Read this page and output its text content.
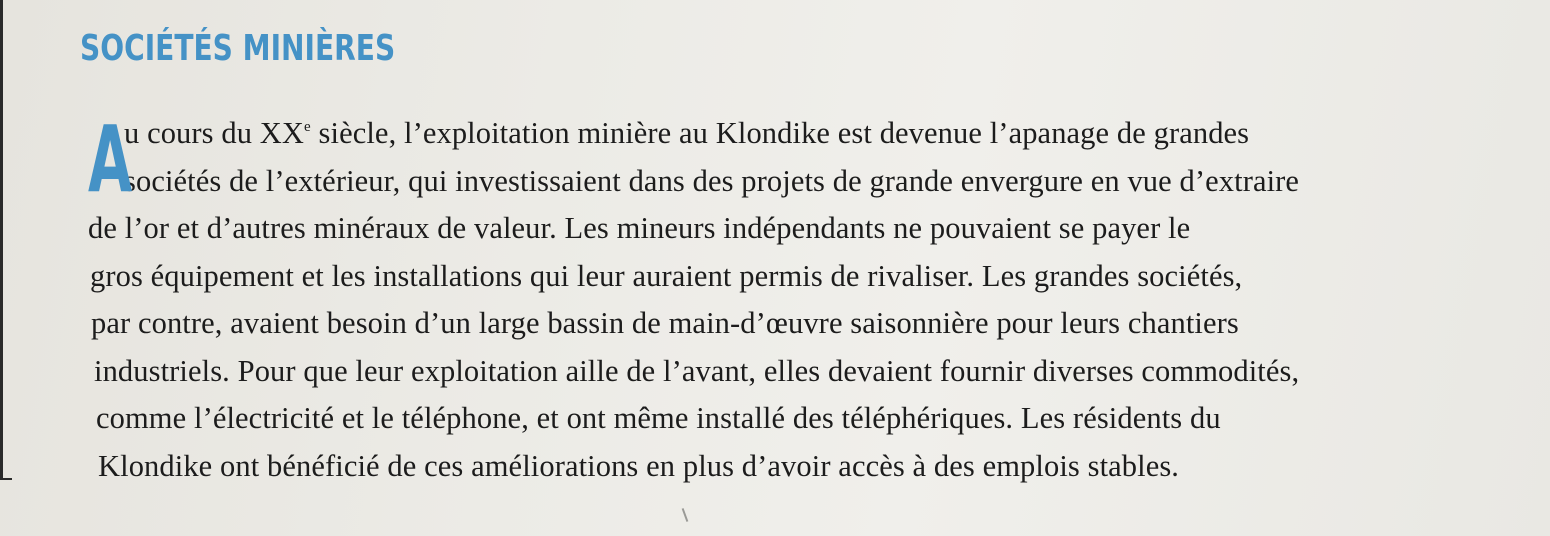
SOCIÉTÉS MINIÈRES
A
u cours du XXe siècle, l’exploitation minière au Klondike est devenue l’apanage de grandes
sociétés de l’extérieur, qui investissaient dans des projets de grande envergure en vue d’extraire
de l’or et d’autres minéraux de valeur. Les mineurs indépendants ne pouvaient se payer le
gros équipement et les installations qui leur auraient permis de rivaliser. Les grandes sociétés,
par contre, avaient besoin d’un large bassin de main-d’œuvre saisonnière pour leurs chantiers
industriels. Pour que leur exploitation aille de l’avant, elles devaient fournir diverses commodités,
comme l’électricité et le téléphone, et ont même installé des téléphériques. Les résidents du
Klondike ont bénéficié de ces améliorations en plus d’avoir accès à des emplois stables.
